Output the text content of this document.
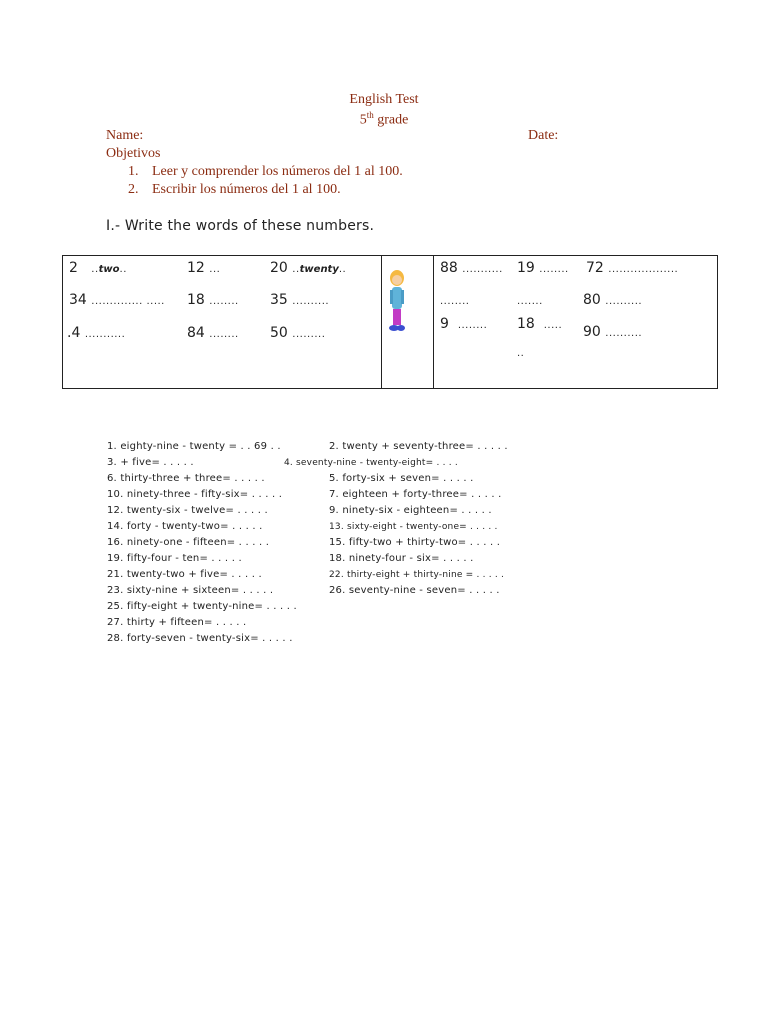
English Test
5th grade
Name:	Date:
Objetivos
1. Leer y comprender los números del 1 al 100.
2. Escribir los números del 1 al 100.
I.- Write the words of these numbers.
2 ..two..	12 ...	20 ..twenty..
34 .............. ..... 18 ........ 35 ..........
.4 ...........	84 ........ 50 .........
88 ........... 19 ........ 72 ...................
........	.......	80 ..........
9 ........ 18 ..... 90 ..........
..
1. eighty-nine - twenty = . . 69 . .	2. twenty + seventy-three= . . . . .
3. + five= . . . . .	4. seventy-nine - twenty-eight= . . . .
6. thirty-three + three= . . . . .	5. forty-six + seven= . . . . .
10. ninety-three - fifty-six= . . . . .	7. eighteen + forty-three= . . . . .
12. twenty-six - twelve= . . . . .	9. ninety-six - eighteen= . . . . .
14. forty - twenty-two= . . . . .	13. sixty-eight - twenty-one= . . . . .
16. ninety-one - fifteen= . . . . .	15. fifty-two + thirty-two= . . . . .
19. fifty-four - ten= . . . . .	18. ninety-four - six= . . . . .
21. twenty-two + five= . . . . .	22. thirty-eight + thirty-nine = . . . . .
23. sixty-nine + sixteen= . . . . .	26. seventy-nine - seven= . . . . .
25. fifty-eight + twenty-nine= . . . . .
27. thirty + fifteen= . . . . .
28. forty-seven - twenty-six= . . . . .
